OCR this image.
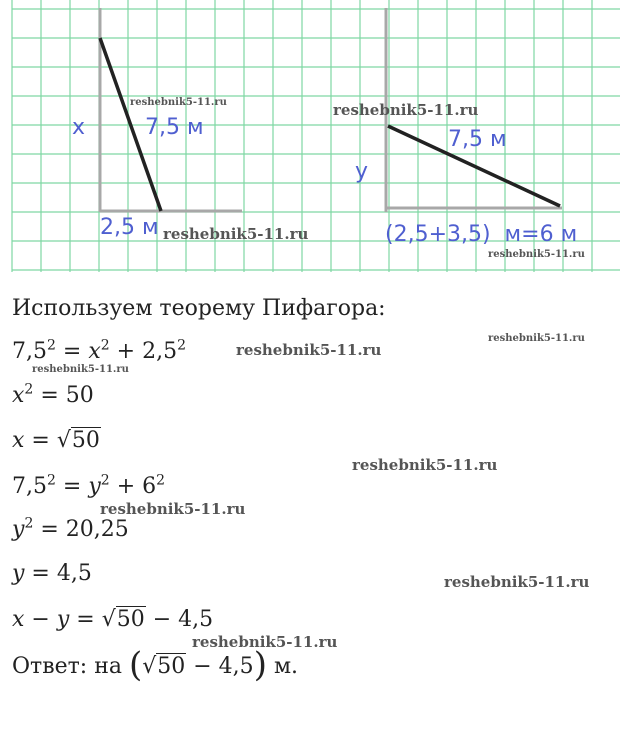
x	7,5 м
2,5 м
y
7,5 м
(2,5+3,5)  м=6 м
reshebnik5-11.ru	reshebnik5-11.ru
reshebnik5-11.ru
reshebnik5-11.ru
reshebnik5-11.ru
reshebnik5-11.ru
reshebnik5-11.ru
reshebnik5-11.ru
reshebnik5-11.ru
reshebnik5-11.ru
reshebnik5-11.ru
Используем теорему Пифагора:
$7,5^2 = x^2 + 2,5^2$
$x^2 = 50$
x = √50
$7,5^2 = y^2 + 6^2$
$y^2 = 20,25$
y = 4,5
x − y = √50 − 4,5
Ответ: на (√50 − 4,5) м.
